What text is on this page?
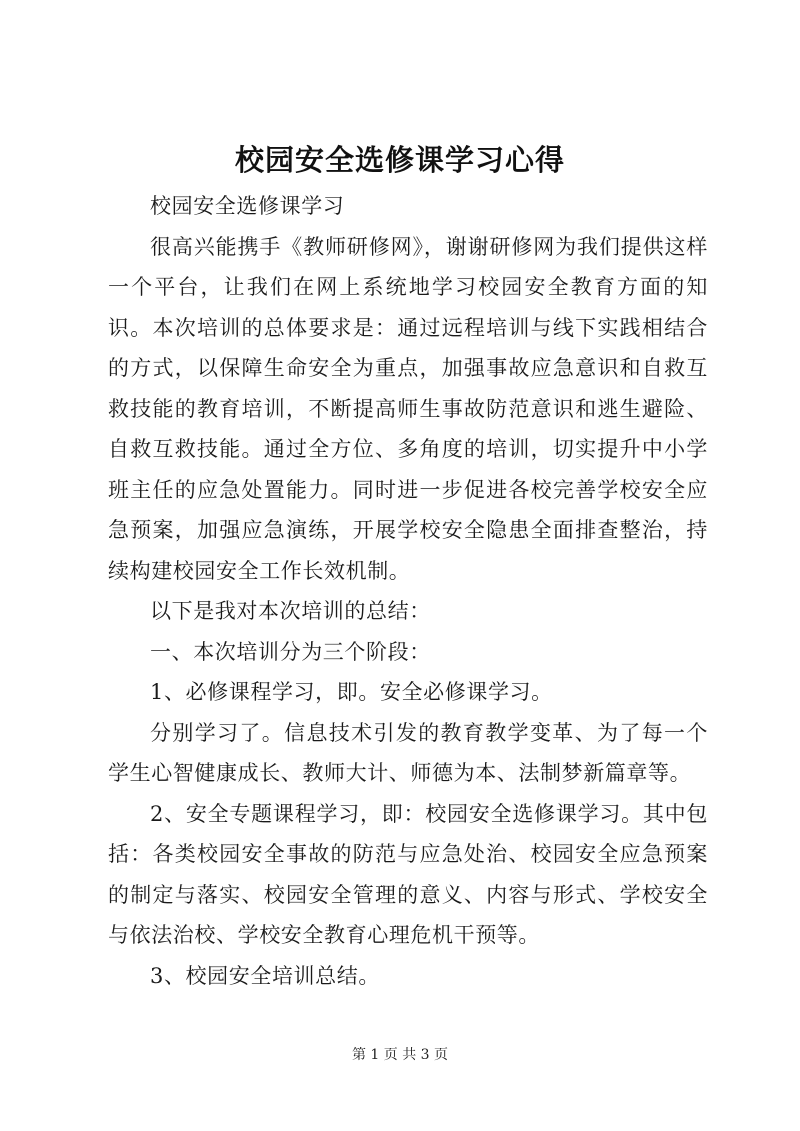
校园安全选修课学习心得

校园安全选修课学习

很高兴能携手《教师研修网》，谢谢研修网为我们提供这样一个平台，让我们在网上系统地学习校园安全教育方面的知识。本次培训的总体要求是：通过远程培训与线下实践相结合的方式，以保障生命安全为重点，加强事故应急意识和自救互救技能的教育培训，不断提高师生事故防范意识和逃生避险、自救互救技能。通过全方位、多角度的培训，切实提升中小学班主任的应急处置能力。同时进一步促进各校完善学校安全应急预案，加强应急演练，开展学校安全隐患全面排查整治，持续构建校园安全工作长效机制。

以下是我对本次培训的总结：

一、本次培训分为三个阶段：

1、必修课程学习，即。安全必修课学习。

分别学习了。信息技术引发的教育教学变革、为了每一个学生心智健康成长、教师大计、师德为本、法制梦新篇章等。

2、安全专题课程学习，即：校园安全选修课学习。其中包括：各类校园安全事故的防范与应急处治、校园安全应急预案的制定与落实、校园安全管理的意义、内容与形式、学校安全与依法治校、学校安全教育心理危机干预等。

3、校园安全培训总结。

第 1 页 共 3 页
